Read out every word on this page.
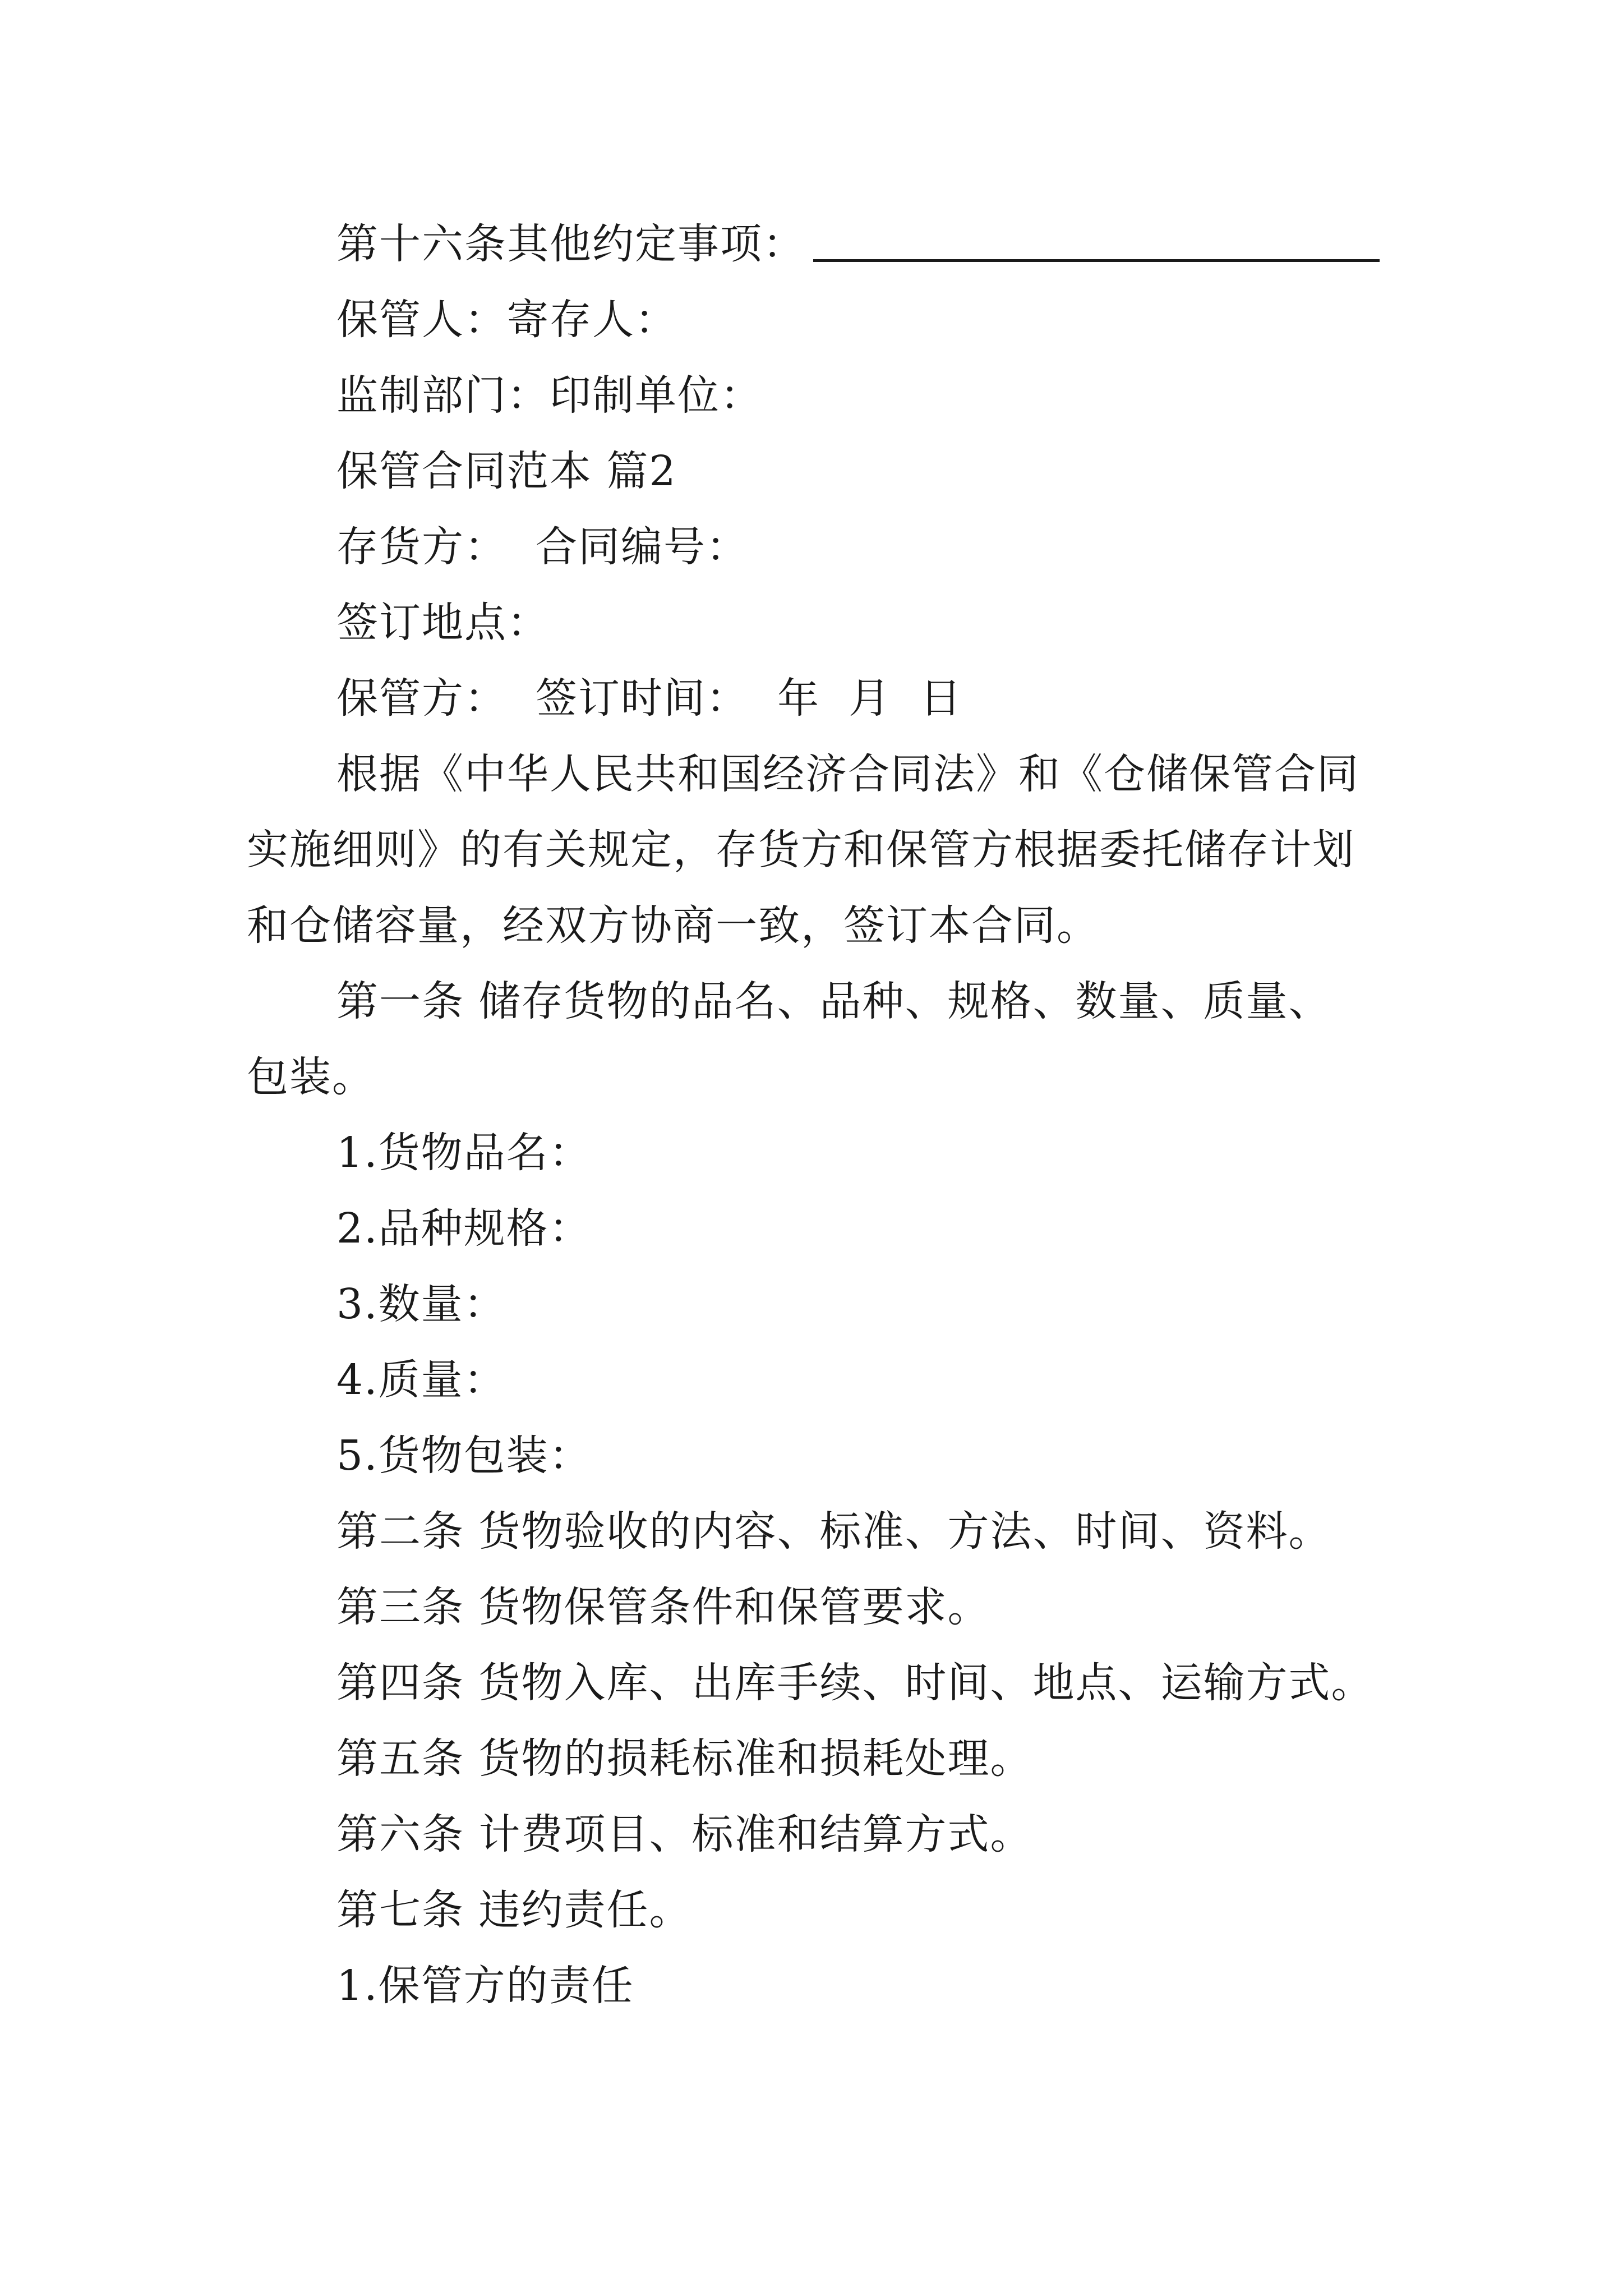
第十六条其他约定事项：
保管人：寄存人：
监制部门：印制单位：
保管合同范本 篇2
存货方：  合同编号：
签订地点：
保管方：  签订时间：  年  月  日
根据《中华人民共和国经济合同法》和《仓储保管合同
实施细则》的有关规定，存货方和保管方根据委托储存计划
和仓储容量，经双方协商一致，签订本合同。
第一条 储存货物的品名、品种、规格、数量、质量、
包装。
1.货物品名：
2.品种规格：
3.数量：
4.质量：
5.货物包装：
第二条 货物验收的内容、标准、方法、时间、资料。
第三条 货物保管条件和保管要求。
第四条 货物入库、出库手续、时间、地点、运输方式。
第五条 货物的损耗标准和损耗处理。
第六条 计费项目、标准和结算方式。
第七条 违约责任。
1.保管方的责任
